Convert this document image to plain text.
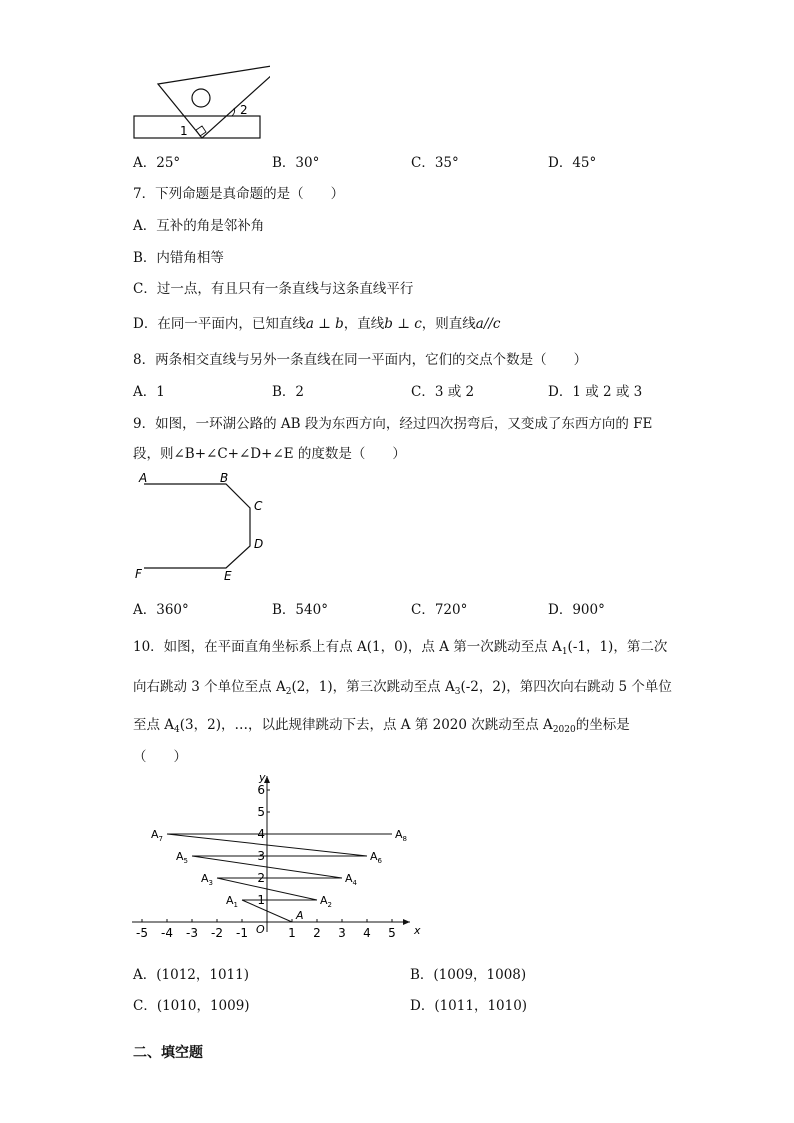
1
2
A．25°	B．30°	C．35°	D．45°
7．下列命题是真命题的是（　　）
A．互补的角是邻补角
B．内错角相等
C．过一点，有且只有一条直线与这条直线平行
D．在同一平面内，已知直线a ⊥ b，直线b ⊥ c，则直线a//c
8．两条相交直线与另外一条直线在同一平面内，它们的交点个数是（　　）
A．1	B．2	C．3 或 2	D．1 或 2 或 3
9．如图，一环湖公路的 AB 段为东西方向，经过四次拐弯后，又变成了东西方向的 FE
段，则∠B+∠C+∠D+∠E 的度数是（　　）
A	B
C
D
E
F
A．360°	B．540°	C．720°	D．900°
10．如图，在平面直角坐标系上有点 A(1，0)，点 A 第一次跳动至点 $A_1(-1$，1)，第二次
向右跳动 3 个单位至点 $A_2(2$，1)，第三次跳动至点 $A_3(-2$，2)，第四次向右跳动 5 个单位
至点 $A_4(3$，2)，…，以此规律跳动下去，点 A 第 2020 次跳动至点 $A_{2020}$的坐标是
（　　）
x
y
O
-5 -4 -3 -2 -1	1 2 3 4 5
1
2
3
4
5
6
A
$A_1$	$A_2$
$A_3$	$A_4$
$A_5$	$A_6$
$A_7$	$A_8$
A．(1012，1011)	B．(1009，1008)
C．(1010，1009)	D．(1011，1010)
二、填空题
